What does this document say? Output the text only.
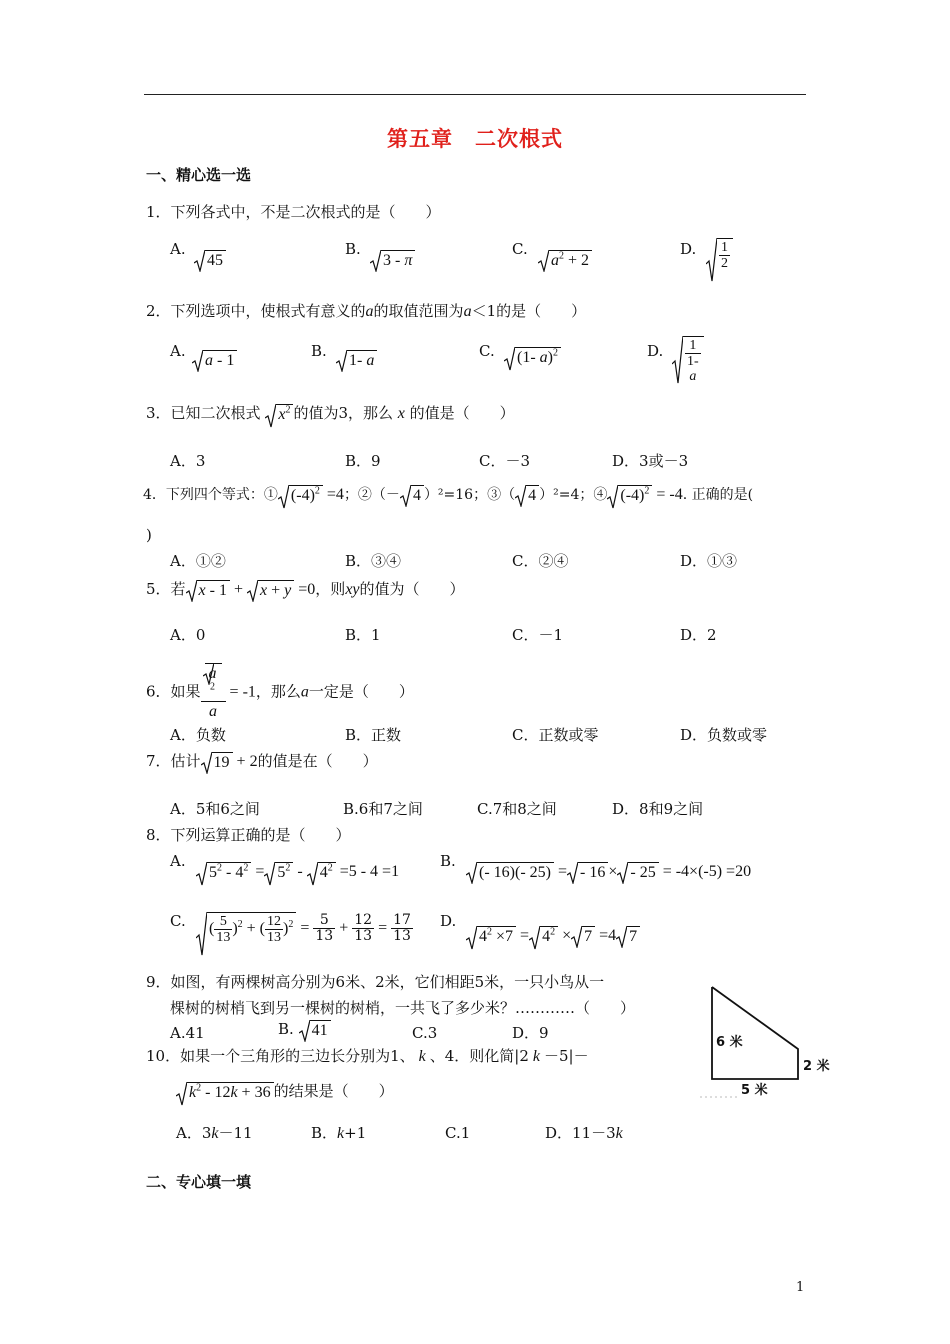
第五章　二次根式
一、精心选一选
1．下列各式中，不是二次根式的是（　　）
A.
45
B.
3 - π
C.
$a^2 + 2$
D. $\frac{1}{2}$
2．下列选项中，使根式有意义的a的取值范围为a＜1的是（　　）
A.
a - 1
B.
1- a
C.	(1- a)$^2$	D. 1
1-
a
3．已知二次根式 $x^2$ 的值为3，那么 x 的值是（　　）
A．3	B．9	C．－3	D．3或－3
4．下列四个等式：① $(-4)^2 =4$；②（－ 4 ）²=16；③（ 4 ）²=4；④ $(-4)^2 = -4$. 正确的是(
)
A．①②	B．③④	C．②④	D．①③
5．若 x - 1 +
x + y =0，则xy的值为（　　）
A．0	B．1	C．－1	D．2
6．如果 a
$^2$
a = -1，那么a一定是（　　）
A．负数	B．正数	C．正数或零	D．负数或零
7．估计 19 + 2的值是在（　　）
A．5和6之间	B.6和7之间	C.7和8之间	D．8和9之间
8．下列运算正确的是（　　）
A.
$5^2 - 4^2 = 5^2$ -
$4^2 =5 - 4 =1$
B.
(- 16)(- 25) = - 16 × - 25 = -4×(-5) =20
C.	( $\frac{5}{13} )^2$ + ( $\frac{12}{13} )^2 = \frac{5}{13} + \frac{12}{13} = \frac{17}{13} D$.
$4^2 \times 7 = 4^2 \times 7 =4$ 7
9．如图，有两棵树高分别为6米、2米，它们相距5米，一只小鸟从一
棵树的树梢飞到另一棵树的树梢，一共飞了多少米？…………（　　）
A.41	B. 41	C.3	D．9
10．如果一个三角形的三边长分别为1、 k 、4．则化简|2 k －5|－
$k^2 - 12k + 36$ 的结果是（　　）
A．3k－11	B．k+1	C.1	D．11－3k
6 米
2 米
5 米
二、专心填一填
1
